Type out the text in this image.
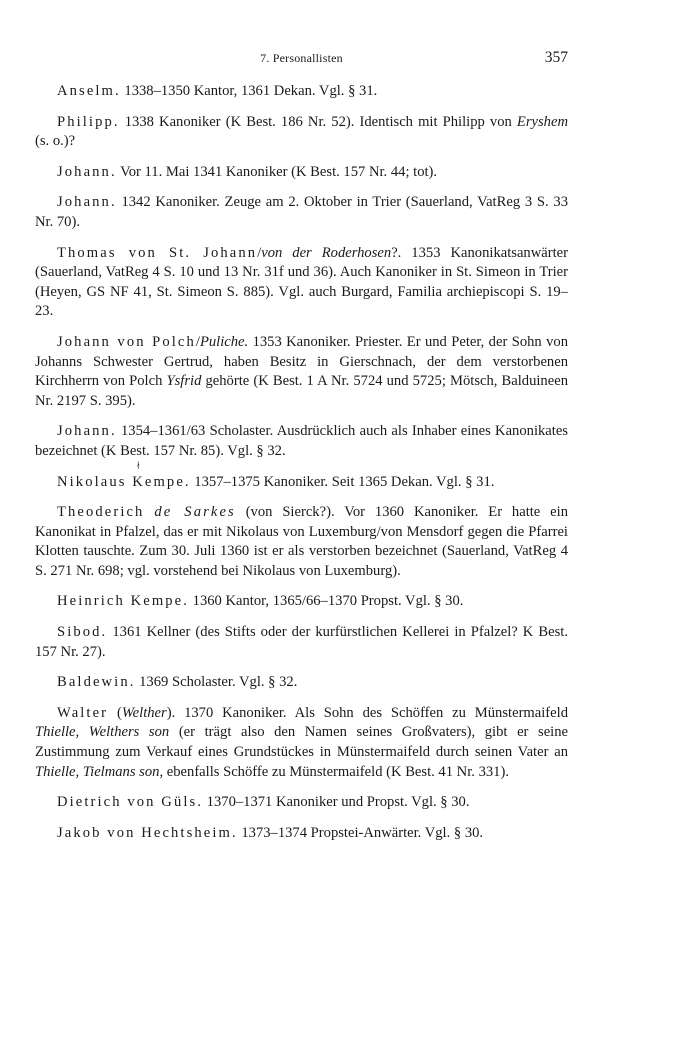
7. Personallisten	357

Anselm. 1338–1350 Kantor, 1361 Dekan. Vgl. § 31.

Philipp. 1338 Kanoniker (K Best. 186 Nr. 52). Identisch mit Philipp von Eryshem (s. o.)?

Johann. Vor 11. Mai 1341 Kanoniker (K Best. 157 Nr. 44; tot).

Johann. 1342 Kanoniker. Zeuge am 2. Oktober in Trier (Sauerland, VatReg 3 S. 33 Nr. 70).

Thomas von St. Johann/von der Roderhosen?. 1353 Kanonikatsanwärter (Sauerland, VatReg 4 S. 10 und 13 Nr. 31f und 36). Auch Kanoniker in St. Simeon in Trier (Heyen, GS NF 41, St. Simeon S. 885). Vgl. auch Burgard, Familia archiepiscopi S. 19–23.

Johann von Polch/Puliche. 1353 Kanoniker. Priester. Er und Peter, der Sohn von Johanns Schwester Gertrud, haben Besitz in Gierschnach, der dem verstorbenen Kirchherrn von Polch Ysfrid gehörte (K Best. 1 A Nr. 5724 und 5725; Mötsch, Balduineen Nr. 2197 S. 395).

Johann. 1354–1361/63 Scholaster. Ausdrücklich auch als Inhaber eines Kanonikates bezeichnet (K Best. 157 Nr. 85). Vgl. § 32.

Nikolau
∤
s Kempe. 1357–1375 Kanoniker. Seit 1365 Dekan. Vgl. § 31.

Theoderich de Sarkes (von Sierck?). Vor 1360 Kanoniker. Er hatte ein Kanonikat in Pfalzel, das er mit Nikolaus von Luxemburg/von Mensdorf gegen die Pfarrei Klotten tauschte. Zum 30. Juli 1360 ist er als verstorben bezeichnet (Sauerland, VatReg 4 S. 271 Nr. 698; vgl. vorstehend bei Nikolaus von Luxemburg).

Heinrich Kempe. 1360 Kantor, 1365/66–1370 Propst. Vgl. § 30.

Sibod. 1361 Kellner (des Stifts oder der kurfürstlichen Kellerei in Pfalzel? K Best. 157 Nr. 27).

Baldewin. 1369 Scholaster. Vgl. § 32.

Walter (Welther). 1370 Kanoniker. Als Sohn des Schöffen zu Münstermaifeld Thielle, Welthers son (er trägt also den Namen seines Großvaters), gibt er seine Zustimmung zum Verkauf eines Grundstückes in Münstermaifeld durch seinen Vater an Thielle, Tielmans son, ebenfalls Schöffe zu Münstermaifeld (K Best. 41 Nr. 331).

Dietrich von Güls. 1370–1371 Kanoniker und Propst. Vgl. § 30.

Jakob von Hechtsheim. 1373–1374 Propstei-Anwärter. Vgl. § 30.
